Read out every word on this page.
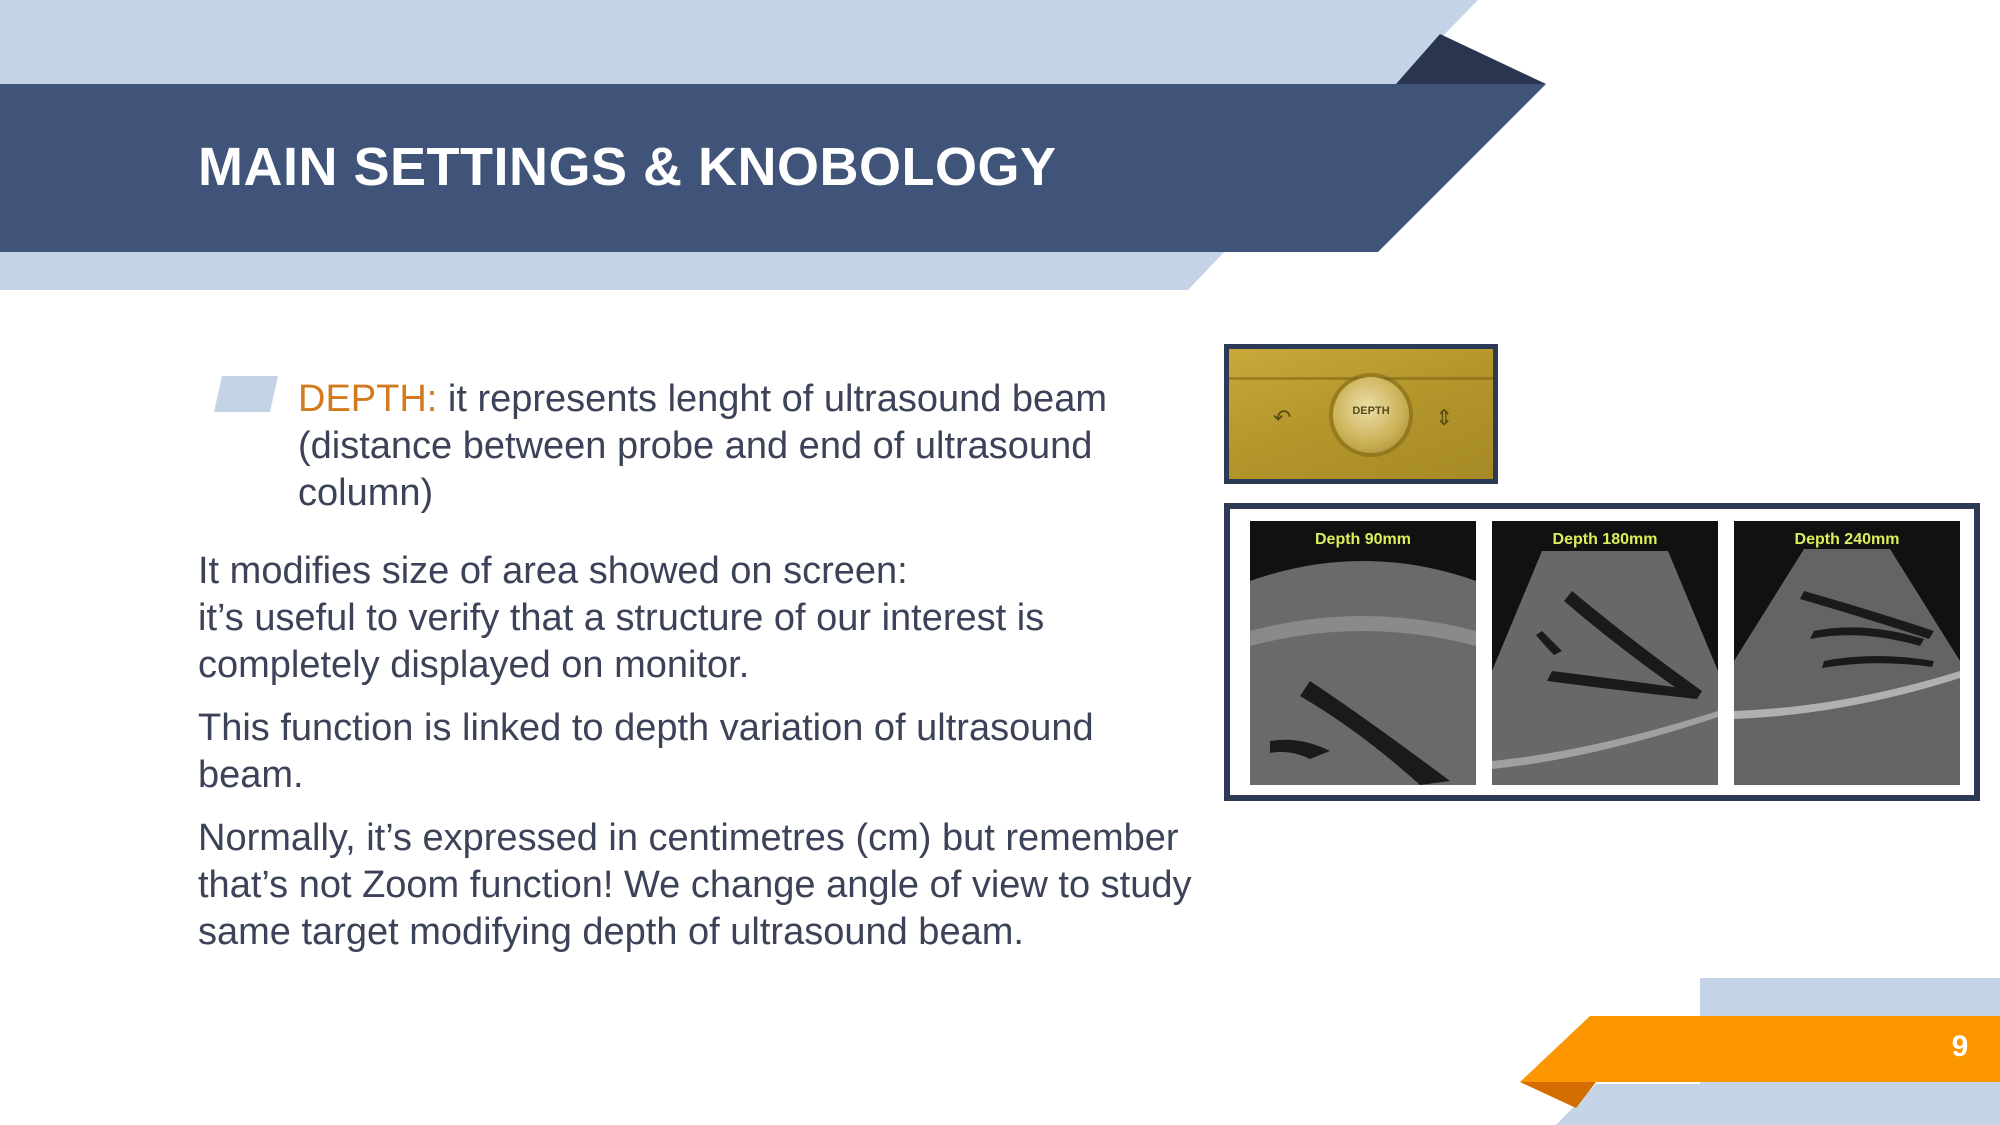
MAIN SETTINGS & KNOBOLOGY
DEPTH: it represents lenght of ultrasound beam
(distance between probe and end of ultrasound column)

It modifies size of area showed on screen:
it’s useful to verify that a structure of our interest is completely displayed on monitor.

This function is linked to depth variation of ultrasound beam.

Normally, it’s expressed in centimetres (cm) but remember that’s not Zoom function! We change angle of view to study same target modifying depth of ultrasound beam.

↶	DEPTH	⇕
Depth 90mm	Depth 180mm	Depth 240mm
9
